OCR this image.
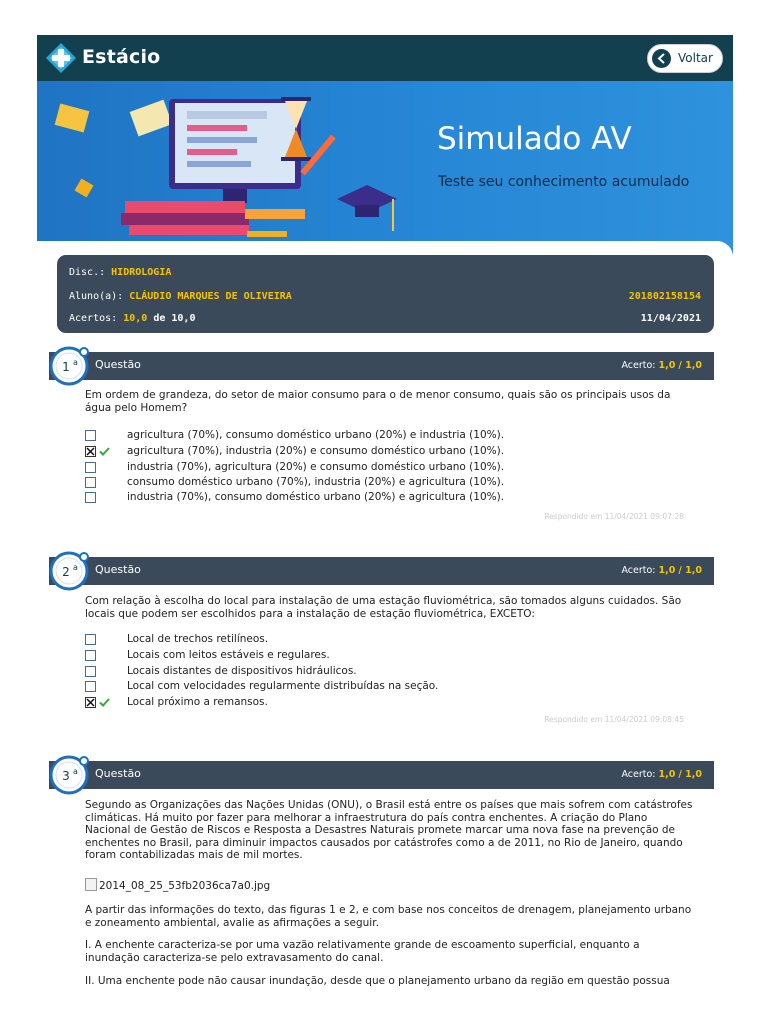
Estácio	Voltar
Simulado AV
Teste seu conhecimento acumulado
Disc.: HIDROLOGIA
Aluno(a): CLÁUDIO MARQUES DE OLIVEIRA	201802158154
Acertos: 10,0 de 10,0	11/04/2021
Questão	Acerto: 1,0 / 1,0
1 a
Em ordem de grandeza, do setor de maior consumo para o de menor consumo, quais são os principais usos da água pelo Homem?
agricultura (70%), consumo doméstico urbano (20%) e industria (10%).
agricultura (70%), industria (20%) e consumo doméstico urbano (10%).
industria (70%), agricultura (20%) e consumo doméstico urbano (10%).
consumo doméstico urbano (70%), industria (20%) e agricultura (10%).
industria (70%), consumo doméstico urbano (20%) e agricultura (10%).
Respondido em 11/04/2021 09:07:28
Questão	Acerto: 1,0 / 1,0
2 a
Com relação à escolha do local para instalação de uma estação fluviométrica, são tomados alguns cuidados. São locais que podem ser escolhidos para a instalação de estação fluviométrica, EXCETO:
Local de trechos retilíneos.
Locais com leitos estáveis e regulares.
Locais distantes de dispositivos hidráulicos.
Local com velocidades regularmente distribuídas na seção.
Local próximo a remansos.
Respondido em 11/04/2021 09:08:45
Questão	Acerto: 1,0 / 1,0
3 a
Segundo as Organizações das Nações Unidas (ONU), o Brasil está entre os países que mais sofrem com catástrofes climáticas. Há muito por fazer para melhorar a infraestrutura do país contra enchentes. A criação do Plano Nacional de Gestão de Riscos e Resposta a Desastres Naturais promete marcar uma nova fase na prevenção de enchentes no Brasil, para diminuir impactos causados por catástrofes como a de 2011, no Rio de Janeiro, quando foram contabilizadas mais de mil mortes.
2014_08_25_53fb2036ca7a0.jpg
A partir das informações do texto, das figuras 1 e 2, e com base nos conceitos de drenagem, planejamento urbano e zoneamento ambiental, avalie as afirmações a seguir.
I. A enchente caracteriza-se por uma vazão relativamente grande de escoamento superficial, enquanto a inundação caracteriza-se pelo extravasamento do canal.
II. Uma enchente pode não causar inundação, desde que o planejamento urbano da região em questão possua
